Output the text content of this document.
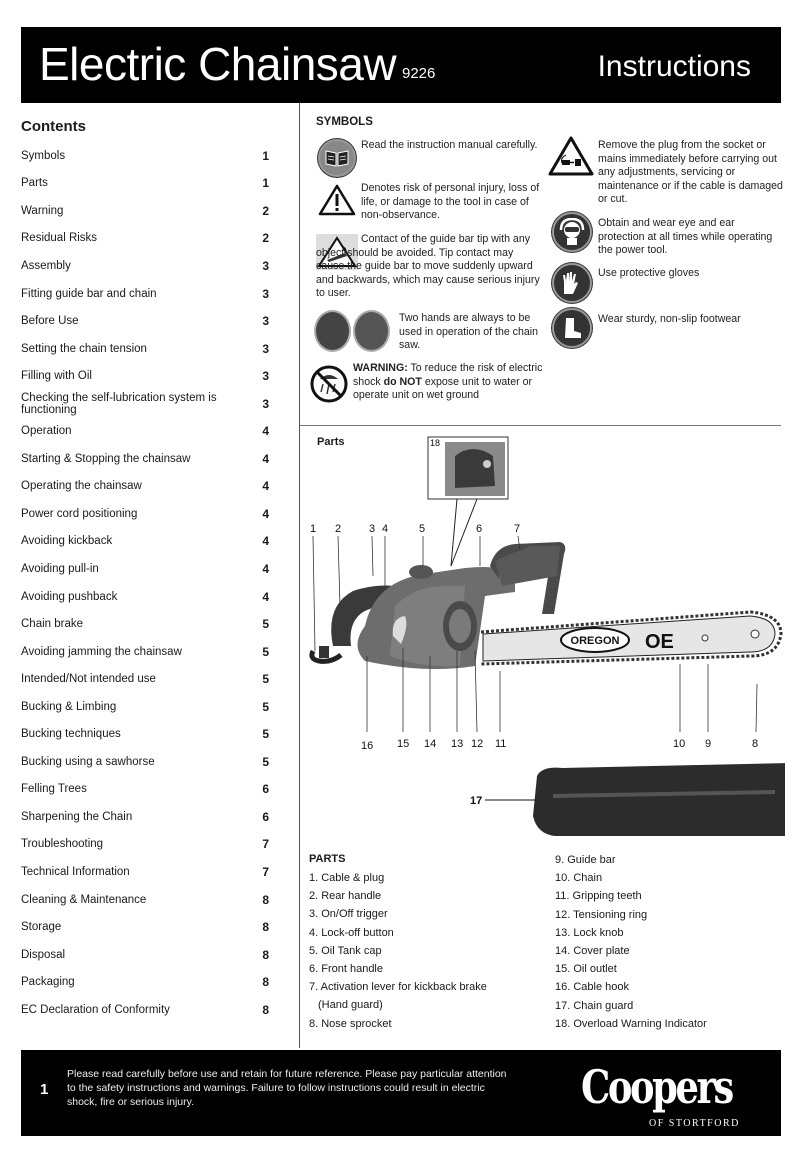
Electric Chainsaw 9226	Instructions
Contents
Symbols	1
Parts	1
Warning	2
Residual Risks	2
Assembly	3
Fitting guide bar and chain	3
Before Use	3
Setting the chain tension	3
Filling with Oil	3
Checking the self-lubrication system is functioning	3
Operation	4
Starting & Stopping the chainsaw	4
Operating the chainsaw	4
Power cord positioning	4
Avoiding kickback	4
Avoiding pull-in	4
Avoiding pushback	4
Chain brake	5
Avoiding jamming the chainsaw	5
Intended/Not intended use	5
Bucking & Limbing	5
Bucking techniques	5
Bucking using a sawhorse	5
Felling Trees	6
Sharpening the Chain	6
Troubleshooting	7
Technical Information	7
Cleaning & Maintenance	8
Storage	8
Disposal	8
Packaging	8
EC Declaration of Conformity	8
SYMBOLS
Read the instruction manual carefully.
Denotes risk of personal injury, loss of life, or damage to the tool in case of non-observance.
Contact of the guide bar tip with any object should be avoided. Tip contact may cause the guide bar to move suddenly upward and backwards, which may cause serious injury to user.
Two hands are always to be used in operation of the chain saw.
WARNING: To reduce the risk of electric shock do NOT expose unit to water or operate unit on wet ground
Remove the plug from the socket or mains immediately before carrying out any adjustments, servicing or maintenance or if the cable is damaged or cut.
Obtain and wear eye and ear protection at all times while operating the power tool.
Use protective gloves
Wear sturdy, non-slip footwear
Parts
OREGON OE
1 2	3 4	5	6	7
8
9
10
11
12
13
14
15
16
17
18
PARTS
1. Cable & plug
2. Rear handle
3. On/Off trigger
4. Lock-off button
5. Oil Tank cap
6. Front handle
7. Activation lever for kickback brake
(Hand guard)
8. Nose sprocket
9. Guide bar
10. Chain
11. Gripping teeth
12. Tensioning ring
13. Lock knob
14. Cover plate
15. Oil outlet
16. Cable hook
17. Chain guard
18. Overload Warning Indicator
1
Please read carefully before use and retain for future reference. Please pay particular attention to the safety instructions and warnings. Failure to follow instructions could result in electric shock, fire or serious injury.	Coopers
OF STORTFORD
